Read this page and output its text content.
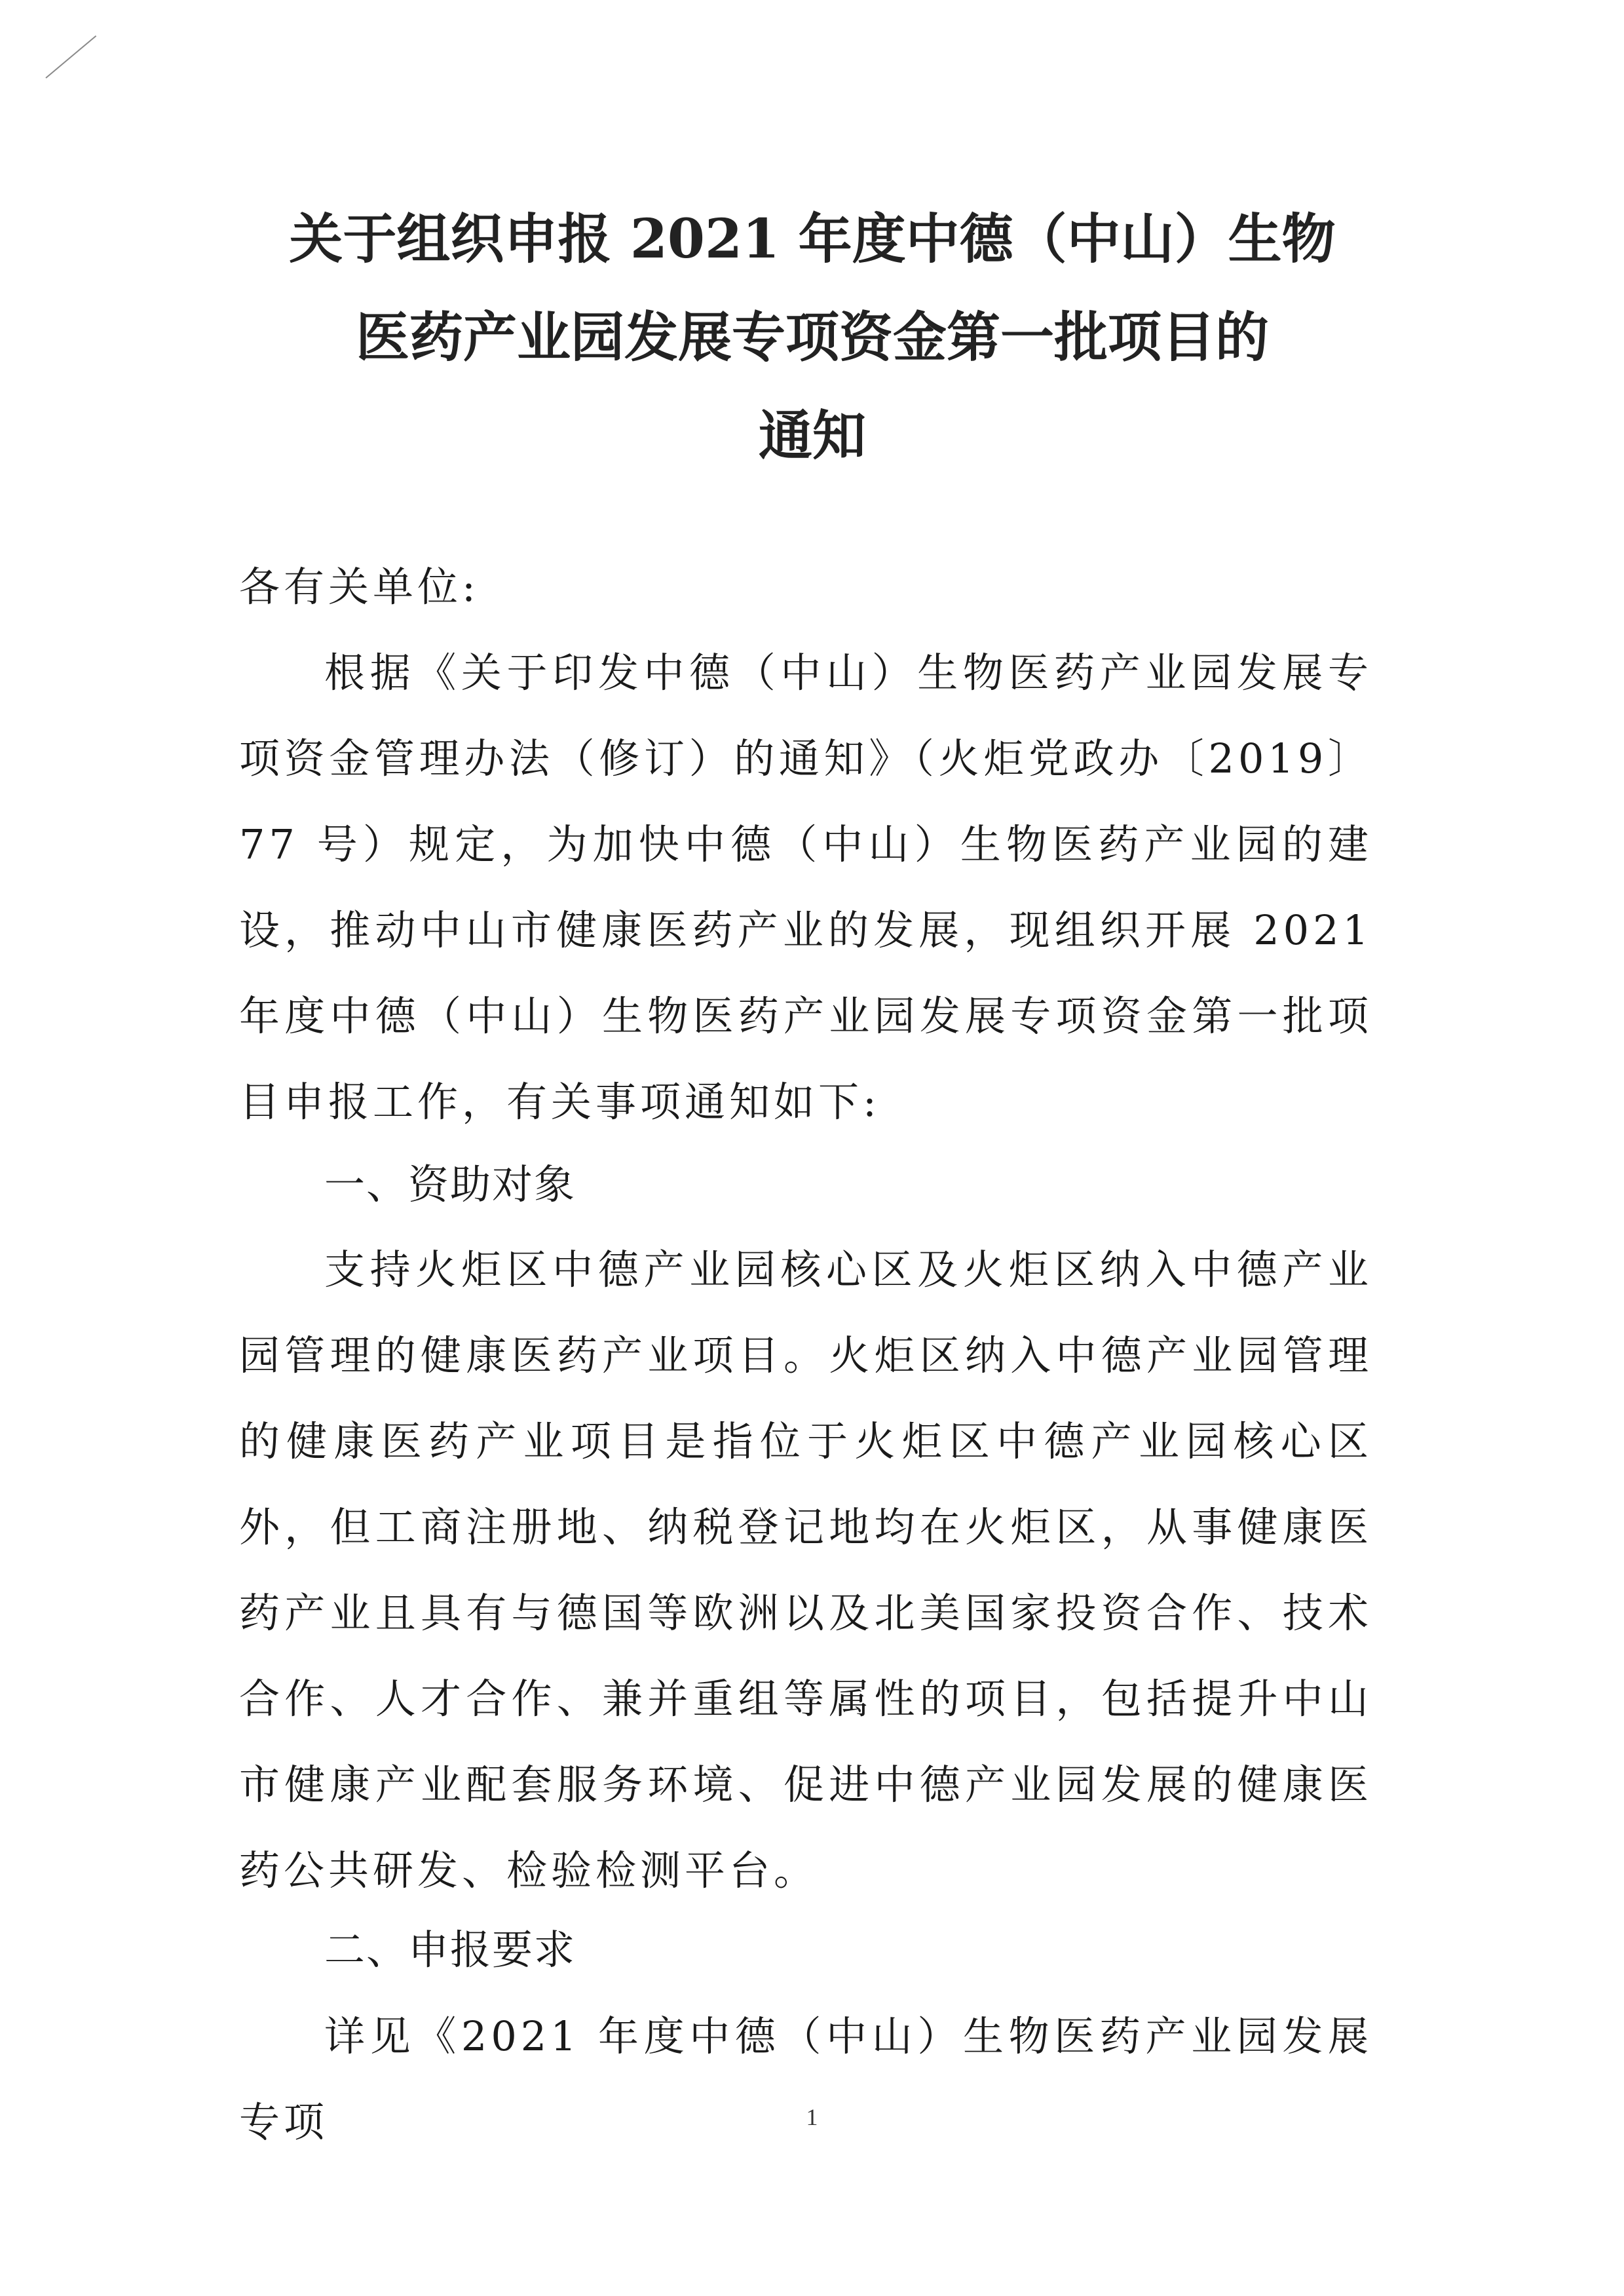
关于组织申报 2021 年度中德（中山）生物
医药产业园发展专项资金第一批项目的
通知
各有关单位:
根据《关于印发中德（中山）生物医药产业园发展专项资金管理办法（修订）的通知》（火炬党政办〔2019〕77 号）规定，为加快中德（中山）生物医药产业园的建设，推动中山市健康医药产业的发展，现组织开展 2021 年度中德（中山）生物医药产业园发展专项资金第一批项目申报工作，有关事项通知如下:
一、资助对象
支持火炬区中德产业园核心区及火炬区纳入中德产业园管理的健康医药产业项目。火炬区纳入中德产业园管理的健康医药产业项目是指位于火炬区中德产业园核心区外，但工商注册地、纳税登记地均在火炬区，从事健康医药产业且具有与德国等欧洲以及北美国家投资合作、技术合作、人才合作、兼并重组等属性的项目，包括提升中山市健康产业配套服务环境、促进中德产业园发展的健康医药公共研发、检验检测平台。
二、申报要求
详见《2021 年度中德（中山）生物医药产业园发展专项	1
